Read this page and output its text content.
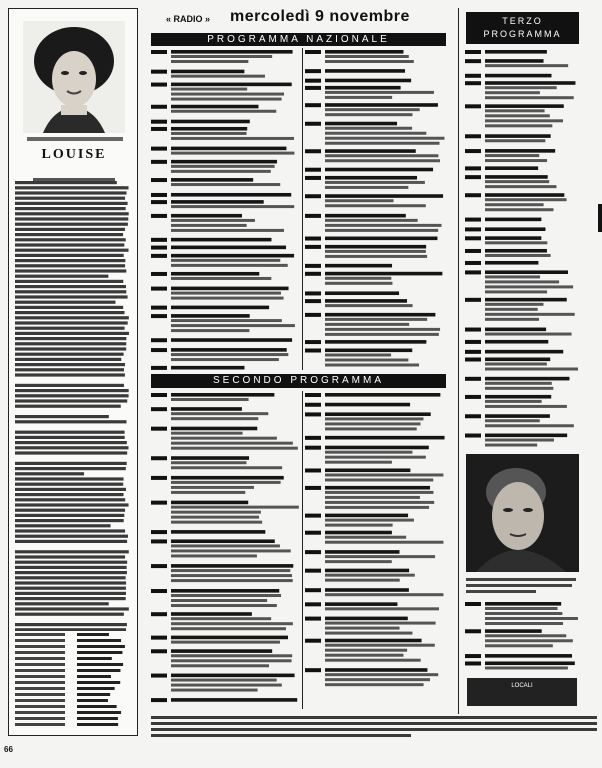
LOUISE
« RADIO » mercoledì 9 novembre
PROGRAMMA NAZIONALE
SECONDO PROGRAMMA
TERZO
PROGRAMMA
LOCALI
66
